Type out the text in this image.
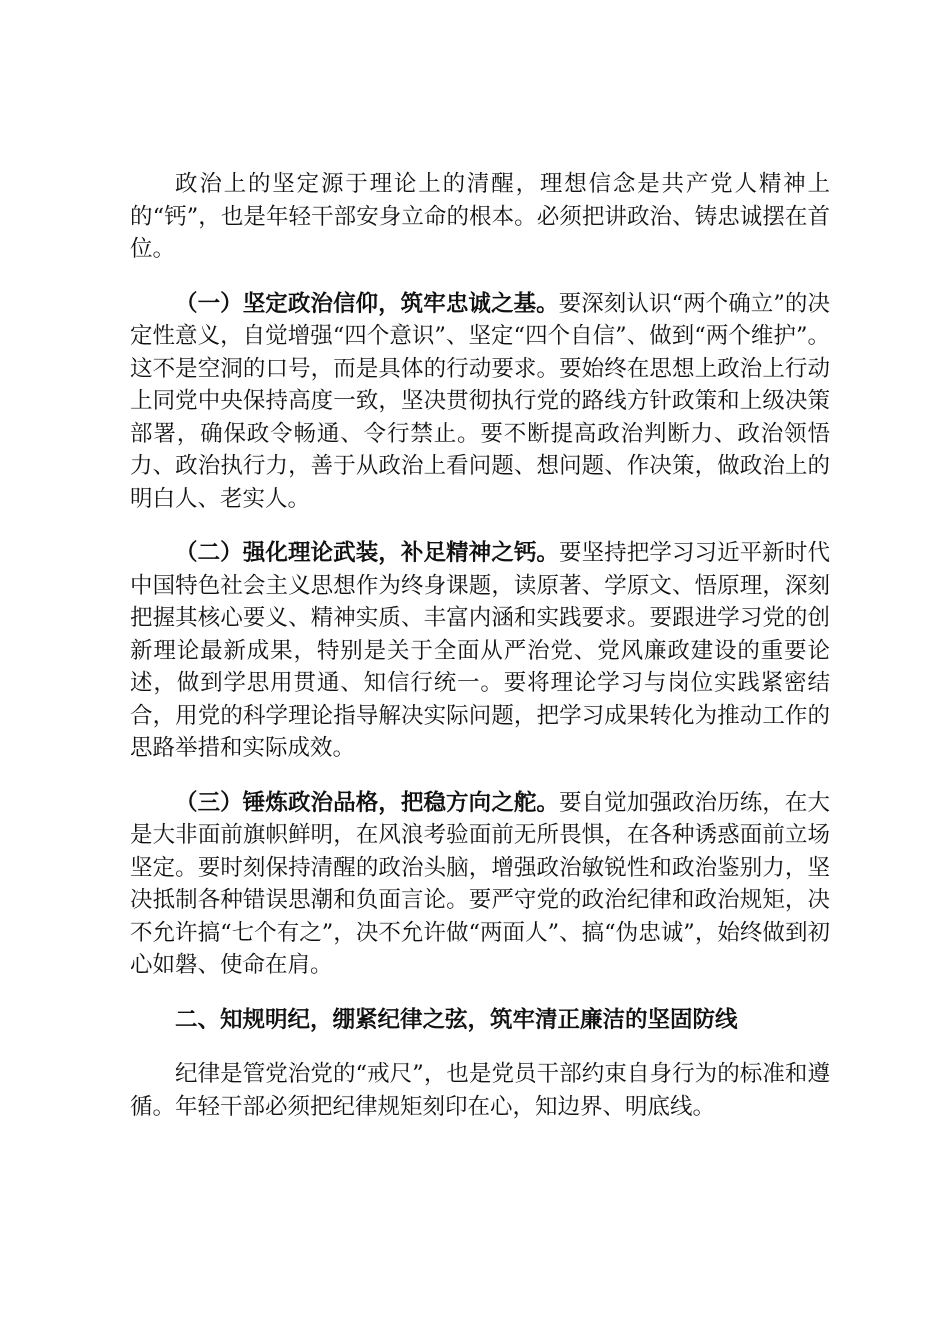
政治上的坚定源于理论上的清醒，理想信念是共产党人精神上的“钙”，也是年轻干部安身立命的根本。必须把讲政治、铸忠诚摆在首位。

（一）坚定政治信仰，筑牢忠诚之基。要深刻认识“两个确立”的决定性意义，自觉增强“四个意识”、坚定“四个自信”、做到“两个维护”。这不是空洞的口号，而是具体的行动要求。要始终在思想上政治上行动上同党中央保持高度一致，坚决贯彻执行党的路线方针政策和上级决策部署，确保政令畅通、令行禁止。要不断提高政治判断力、政治领悟力、政治执行力，善于从政治上看问题、想问题、作决策，做政治上的明白人、老实人。

（二）强化理论武装，补足精神之钙。要坚持把学习习近平新时代中国特色社会主义思想作为终身课题，读原著、学原文、悟原理，深刻把握其核心要义、精神实质、丰富内涵和实践要求。要跟进学习党的创新理论最新成果，特别是关于全面从严治党、党风廉政建设的重要论述，做到学思用贯通、知信行统一。要将理论学习与岗位实践紧密结合，用党的科学理论指导解决实际问题，把学习成果转化为推动工作的思路举措和实际成效。

（三）锤炼政治品格，把稳方向之舵。要自觉加强政治历练，在大是大非面前旗帜鲜明，在风浪考验面前无所畏惧，在各种诱惑面前立场坚定。要时刻保持清醒的政治头脑，增强政治敏锐性和政治鉴别力，坚决抵制各种错误思潮和负面言论。要严守党的政治纪律和政治规矩，决不允许搞“七个有之”，决不允许做“两面人”、搞“伪忠诚”，始终做到初心如磐、使命在肩。

二、知规明纪，绷紧纪律之弦，筑牢清正廉洁的坚固防线

纪律是管党治党的“戒尺”，也是党员干部约束自身行为的标准和遵循。年轻干部必须把纪律规矩刻印在心，知边界、明底线。
